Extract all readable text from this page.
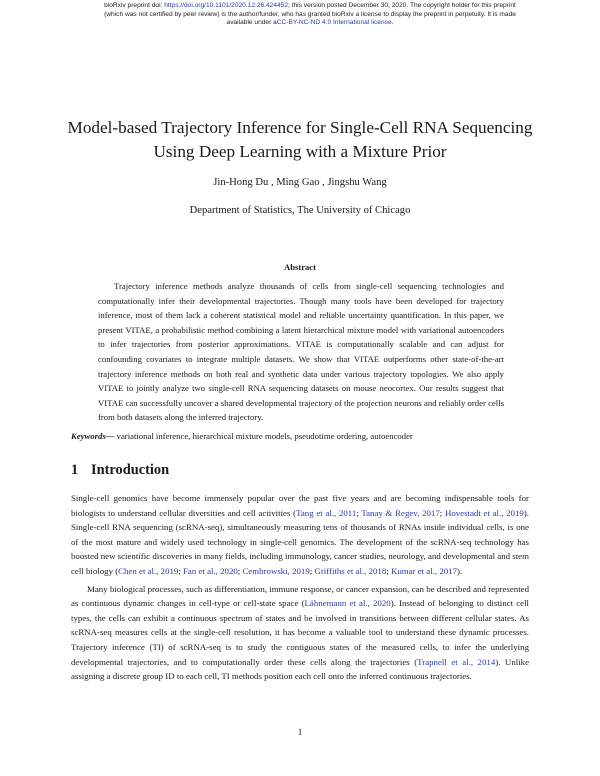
bioRxiv preprint doi: https://doi.org/10.1101/2020.12.26.424452; this version posted December 30, 2020. The copyright holder for this preprint
(which was not certified by peer review) is the author/funder, who has granted bioRxiv a license to display the preprint in perpetuity. It is made
available under aCC-BY-NC-ND 4.0 International license.
Model-based Trajectory Inference for Single-Cell RNA Sequencing
Using Deep Learning with a Mixture Prior
Jin-Hong Du , Ming Gao , Jingshu Wang
Department of Statistics, The University of Chicago
Abstract

Trajectory inference methods analyze thousands of cells from single-cell sequencing technologies and computationally infer their developmental trajectories. Though many tools have been developed for trajectory inference, most of them lack a coherent statistical model and reliable uncertainty quantification. In this paper, we present VITAE, a probabilistic method combining a latent hierarchical mixture model with variational autoencoders to infer trajectories from posterior approximations. VITAE is computationally scalable and can adjust for confounding covariates to integrate multiple datasets. We show that VITAE outperforms other state-of-the-art trajectory inference methods on both real and synthetic data under various trajectory topologies. We also apply VITAE to jointly analyze two single-cell RNA sequencing datasets on mouse neocortex. Our results suggest that VITAE can successfully uncover a shared developmental trajectory of the projection neurons and reliably order cells from both datasets along the inferred trajectory.

Keywords— variational inference, hierarchical mixture models, pseudotime ordering, autoencoder
1 Introduction

Single-cell genomics have become immensely popular over the past five years and are becoming indispensable tools for biologists to understand cellular diversities and cell activities (Tang et al., 2011; Tanay & Regev, 2017; Hovestadt et al., 2019). Single-cell RNA sequencing (scRNA-seq), simultaneously measuring tens of thousands of RNAs inside individual cells, is one of the most mature and widely used technology in single-cell genomics. The development of the scRNA-seq technology has boosted new scientific discoveries in many fields, including immunology, cancer studies, neurology, and developmental and stem cell biology (Chen et al., 2019; Fan et al., 2020; Cembrowski, 2019; Griffiths et al., 2018; Kumar et al., 2017).

Many biological processes, such as differentiation, immune response, or cancer expansion, can be described and represented as continuous dynamic changes in cell-type or cell-state space (Lähnemann et al., 2020). Instead of belonging to distinct cell types, the cells can exhibit a continuous spectrum of states and be involved in transitions between different cellular states. As scRNA-seq measures cells at the single-cell resolution, it has become a valuable tool to understand these dynamic processes. Trajectory inference (TI) of scRNA-seq is to study the contiguous states of the measured cells, to infer the underlying developmental trajectories, and to computationally order these cells along the trajectories (Trapnell et al., 2014). Unlike assigning a discrete group ID to each cell, TI methods position each cell onto the inferred continuous trajectories.

1
